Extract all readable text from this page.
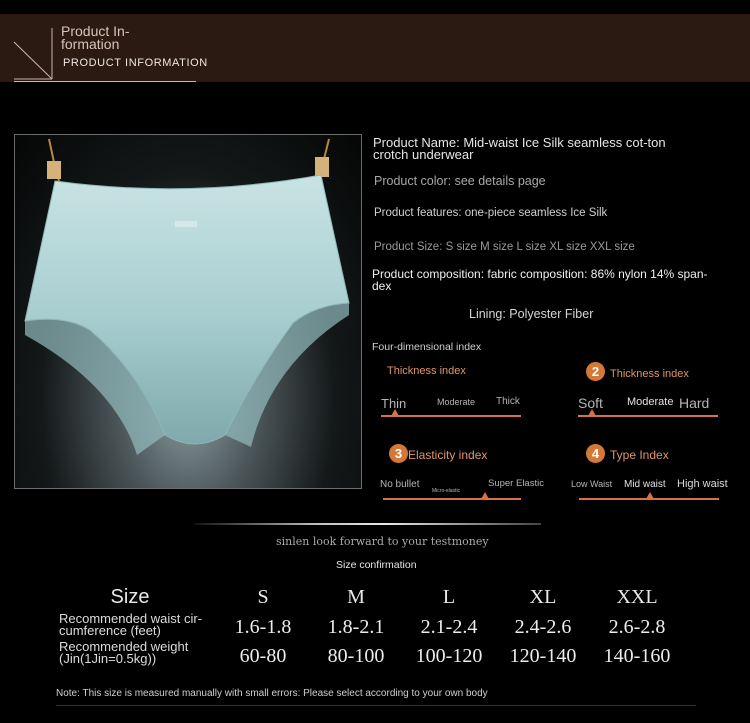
Product In-formation
PRODUCT INFORMATION
Product Name: Mid-waist Ice Silk seamless cot-ton crotch underwear
Product color: see details page
Product features: one-piece seamless Ice Silk
Product Size: S size M size L size XL size XXL size
Product composition: fabric composition: 86% nylon 14% span-dex
Lining: Polyester Fiber
Four-dimensional index
Thickness index
Thin	Moderate Thick
2 Thickness index
Soft Moderate Hard
3 Elasticity index
No bullet
Micro-elastic
Super Elastic
4 Type Index
Low Waist Mid waist High waist
sinlen look forward to your testmoney
Size confirmation
Size	S	M	L	XL	XXL
Recommended waist cir-cumference (feet)	1.6-1.8	1.8-2.1	2.1-2.4	2.4-2.6	2.6-2.8
Recommended weight (Jin(1Jin=0.5kg))	60-80	80-100	100-120	120-140	140-160
Note: This size is measured manually with small errors: Please select according to your own body
